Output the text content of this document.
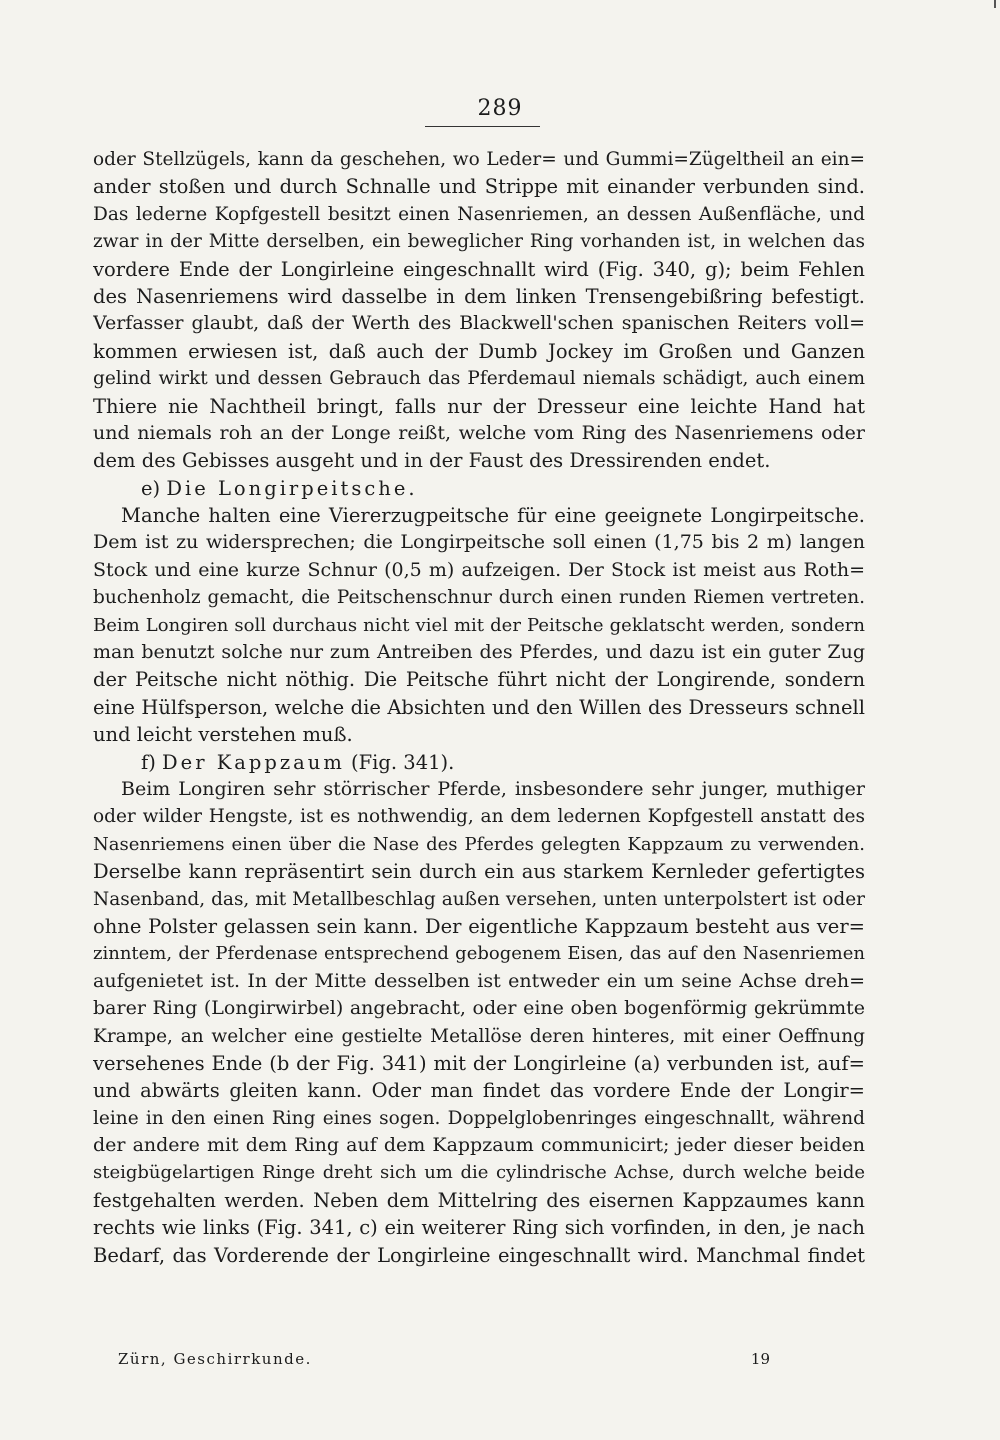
289
oder Stellzügels, kann da geschehen, wo Leder= und Gummi=Zügeltheil an ein=
ander stoßen und durch Schnalle und Strippe mit einander verbunden sind.
Das lederne Kopfgestell besitzt einen Nasenriemen, an dessen Außenfläche, und
zwar in der Mitte derselben, ein beweglicher Ring vorhanden ist, in welchen das
vordere Ende der Longirleine eingeschnallt wird (Fig. 340, g); beim Fehlen
des Nasenriemens wird dasselbe in dem linken Trensengebißring befestigt.
Verfasser glaubt, daß der Werth des Blackwell'schen spanischen Reiters voll=
kommen erwiesen ist, daß auch der Dumb Jockey im Großen und Ganzen
gelind wirkt und dessen Gebrauch das Pferdemaul niemals schädigt, auch einem
Thiere nie Nachtheil bringt, falls nur der Dresseur eine leichte Hand hat
und niemals roh an der Longe reißt, welche vom Ring des Nasenriemens oder
dem des Gebisses ausgeht und in der Faust des Dressirenden endet.
e) Die Longirpeitsche.
Manche halten eine Viererzugpeitsche für eine geeignete Longirpeitsche.
Dem ist zu widersprechen; die Longirpeitsche soll einen (1,75 bis 2 m) langen
Stock und eine kurze Schnur (0,5 m) aufzeigen. Der Stock ist meist aus Roth=
buchenholz gemacht, die Peitschenschnur durch einen runden Riemen vertreten.
Beim Longiren soll durchaus nicht viel mit der Peitsche geklatscht werden, sondern
man benutzt solche nur zum Antreiben des Pferdes, und dazu ist ein guter Zug
der Peitsche nicht nöthig. Die Peitsche führt nicht der Longirende, sondern
eine Hülfsperson, welche die Absichten und den Willen des Dresseurs schnell
und leicht verstehen muß.
f) Der Kappzaum (Fig. 341).
Beim Longiren sehr störrischer Pferde, insbesondere sehr junger, muthiger
oder wilder Hengste, ist es nothwendig, an dem ledernen Kopfgestell anstatt des
Nasenriemens einen über die Nase des Pferdes gelegten Kappzaum zu verwenden.
Derselbe kann repräsentirt sein durch ein aus starkem Kernleder gefertigtes
Nasenband, das, mit Metallbeschlag außen versehen, unten unterpolstert ist oder
ohne Polster gelassen sein kann. Der eigentliche Kappzaum besteht aus ver=
zinntem, der Pferdenase entsprechend gebogenem Eisen, das auf den Nasenriemen
aufgenietet ist. In der Mitte desselben ist entweder ein um seine Achse dreh=
barer Ring (Longirwirbel) angebracht, oder eine oben bogenförmig gekrümmte
Krampe, an welcher eine gestielte Metallöse deren hinteres, mit einer Oeffnung
versehenes Ende (b der Fig. 341) mit der Longirleine (a) verbunden ist, auf=
und abwärts gleiten kann. Oder man findet das vordere Ende der Longir=
leine in den einen Ring eines sogen. Doppelglobenringes eingeschnallt, während
der andere mit dem Ring auf dem Kappzaum communicirt; jeder dieser beiden
steigbügelartigen Ringe dreht sich um die cylindrische Achse, durch welche beide
festgehalten werden. Neben dem Mittelring des eisernen Kappzaumes kann
rechts wie links (Fig. 341, c) ein weiterer Ring sich vorfinden, in den, je nach
Bedarf, das Vorderende der Longirleine eingeschnallt wird. Manchmal findet
Zürn, Geschirrkunde.	19
